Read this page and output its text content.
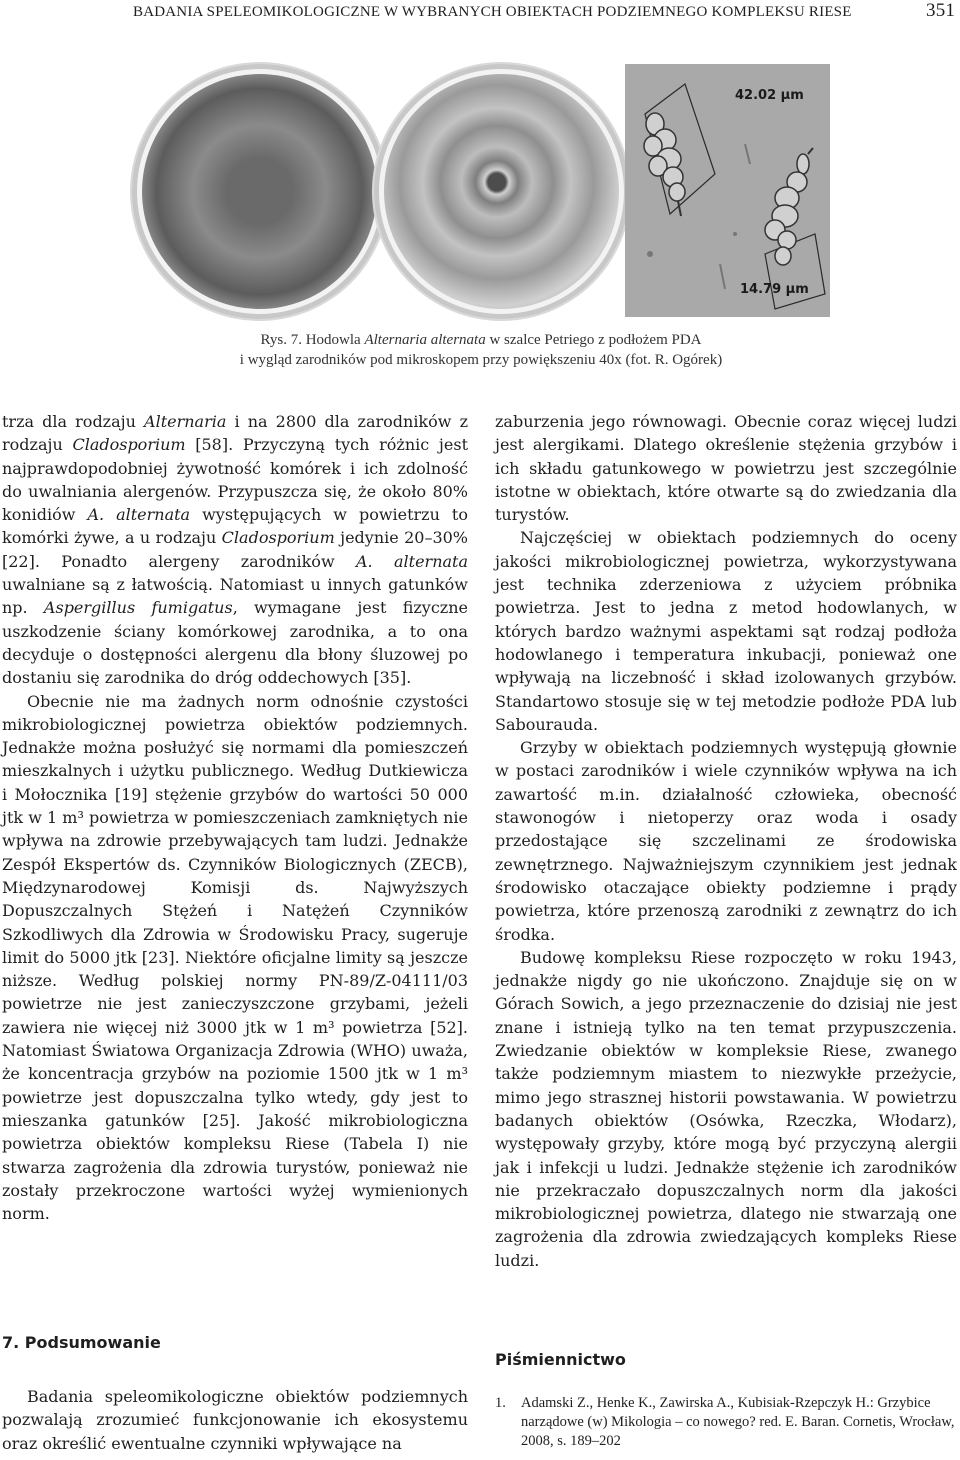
BADANIA SPELEOMIKOLOGICZNE W WYBRANYCH OBIEKTACH PODZIEMNEGO KOMPLEKSU RIESE	351
42.02 µm
14.79 µm
Rys. 7. Hodowla Alternaria alternata w szalce Petriego z podłożem PDA
i wygląd zarodników pod mikroskopem przy powiększeniu 40x (fot. R. Ogórek)

trza dla rodzaju Alternaria i na 2800 dla zarodników z rodzaju Cladosporium [58]. Przyczyną tych różnic jest najprawdopodobniej żywotność komórek i ich zdolność do uwalniania alergenów. Przypuszcza się, że około 80% konidiów A. alternata występujących w powietrzu to komórki żywe, a u rodzaju Cladosporium jedynie 20–30% [22]. Ponadto alergeny zarodników A. alternata uwalniane są z łatwością. Natomiast u innych gatunków np. Aspergillus fumigatus, wymagane jest fizyczne uszkodzenie ściany komórkowej zarodnika, a to ona decyduje o dostępności alergenu dla błony śluzowej po dostaniu się zarodnika do dróg oddechowych [35].

Obecnie nie ma żadnych norm odnośnie czystości mikrobiologicznej powietrza obiektów podziemnych. Jednakże można posłużyć się normami dla pomieszczeń mieszkalnych i użytku publicznego. Według Dutkiewicza i Mołocznika [19] stężenie grzybów do wartości 50 000 jtk w 1 m³ powietrza w pomieszczeniach zamkniętych nie wpływa na zdrowie przebywających tam ludzi. Jednakże Zespół Ekspertów ds. Czynników Biologicznych (ZECB), Międzynarodowej Komisji ds. Najwyższych Dopuszczalnych Stężeń i Natężeń Czynników Szkodliwych dla Zdrowia w Środowisku Pracy, sugeruje limit do 5000 jtk [23]. Niektóre oficjalne limity są jeszcze niższe. Według polskiej normy PN-89/Z-04111/03 powietrze nie jest zanieczyszczone grzybami, jeżeli zawiera nie więcej niż 3000 jtk w 1 m³ powietrza [52]. Natomiast Światowa Organizacja Zdrowia (WHO) uważa, że koncentracja grzybów na poziomie 1500 jtk w 1 m³ powietrze jest dopuszczalna tylko wtedy, gdy jest to mieszanka gatunków [25]. Jakość mikrobiologiczna powietrza obiektów kompleksu Riese (Tabela I) nie stwarza zagrożenia dla zdrowia turystów, ponieważ nie zostały przekroczone wartości wyżej wymienionych norm.

7. Podsumowanie

Badania speleomikologiczne obiektów podziemnych pozwalają zrozumieć funkcjonowanie ich ekosystemu oraz określić ewentualne czynniki wpływające na

zaburzenia jego równowagi. Obecnie coraz więcej ludzi jest alergikami. Dlatego określenie stężenia grzybów i ich składu gatunkowego w powietrzu jest szczególnie istotne w obiektach, które otwarte są do zwiedzania dla turystów.

Najczęściej w obiektach podziemnych do oceny jakości mikrobiologicznej powietrza, wykorzystywana jest technika zderzeniowa z użyciem próbnika powietrza. Jest to jedna z metod hodowlanych, w których bardzo ważnymi aspektami sąt rodzaj podłoża hodowlanego i temperatura inkubacji, ponieważ one wpływają na liczebność i skład izolowanych grzybów. Standartowo stosuje się w tej metodzie podłoże PDA lub Sabourauda.

Grzyby w obiektach podziemnych występują głownie w postaci zarodników i wiele czynników wpływa na ich zawartość m.in. działalność człowieka, obecność stawonogów i nietoperzy oraz woda i osady przedostające się szczelinami ze środowiska zewnętrznego. Najważniejszym czynnikiem jest jednak środowisko otaczające obiekty podziemne i prądy powietrza, które przenoszą zarodniki z zewnątrz do ich środka.

Budowę kompleksu Riese rozpoczęto w roku 1943, jednakże nigdy go nie ukończono. Znajduje się on w Górach Sowich, a jego przeznaczenie do dzisiaj nie jest znane i istnieją tylko na ten temat przypuszczenia. Zwiedzanie obiektów w kompleksie Riese, zwanego także podziemnym miastem to niezwykłe przeżycie, mimo jego strasznej historii powstawania. W powietrzu badanych obiektów (Osówka, Rzeczka, Włodarz), występowały grzyby, które mogą być przyczyną alergii jak i infekcji u ludzi. Jednakże stężenie ich zarodników nie przekraczało dopuszczalnych norm dla jakości mikrobiologicznej powietrza, dlatego nie stwarzają one zagrożenia dla zdrowia zwiedzających kompleks Riese ludzi.

Piśmiennictwo
1. Adamski Z., Henke K., Zawirska A., Kubisiak-Rzepczyk H.: Grzybice narządowe (w) Mikologia – co nowego? red. E. Baran. Cornetis, Wrocław, 2008, s. 189–202
